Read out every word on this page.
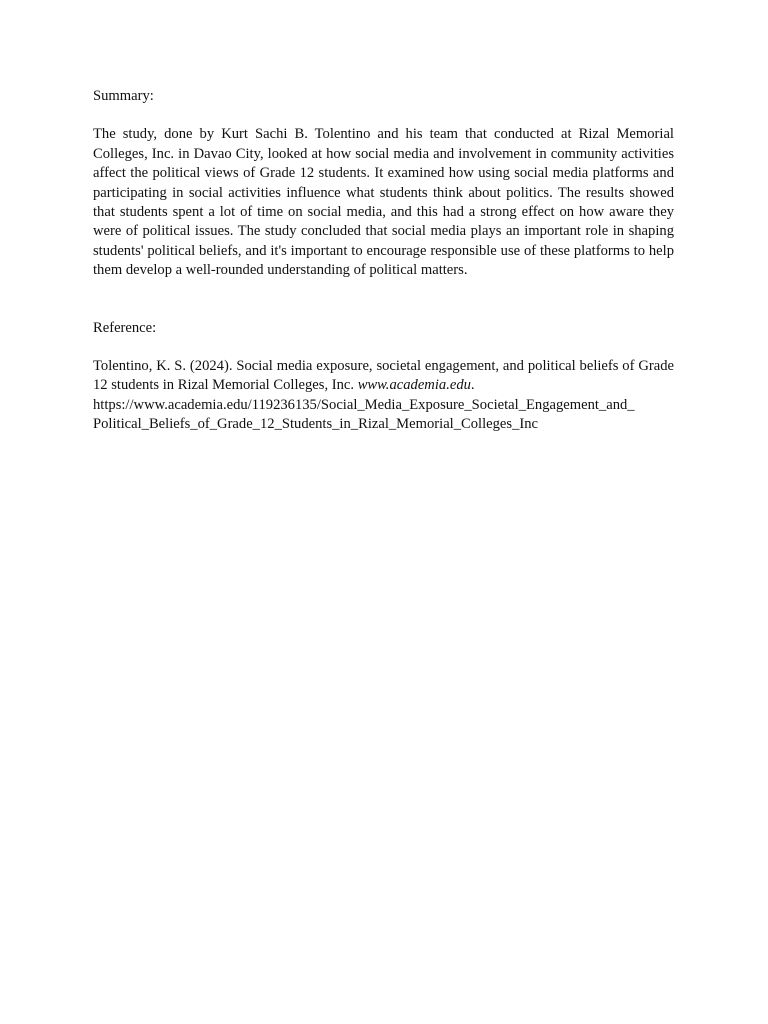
Summary:

The study, done by Kurt Sachi B. Tolentino and his team that conducted at Rizal Memorial Colleges, Inc. in Davao City, looked at how social media and involvement in community activities affect the political views of Grade 12 students. It examined how using social media platforms and participating in social activities influence what students think about politics. The results showed that students spent a lot of time on social media, and this had a strong effect on how aware they were of political issues. The study concluded that social media plays an important role in shaping students' political beliefs, and it's important to encourage responsible use of these platforms to help them develop a well-rounded understanding of political matters.

Reference:

Tolentino, K. S. (2024). Social media exposure, societal engagement, and political beliefs of Grade 12 students in Rizal Memorial Colleges, Inc. www.academia.edu.
https://www.academia.edu/119236135/Social_Media_Exposure_Societal_Engagement_and_
Political_Beliefs_of_Grade_12_Students_in_Rizal_Memorial_Colleges_Inc
